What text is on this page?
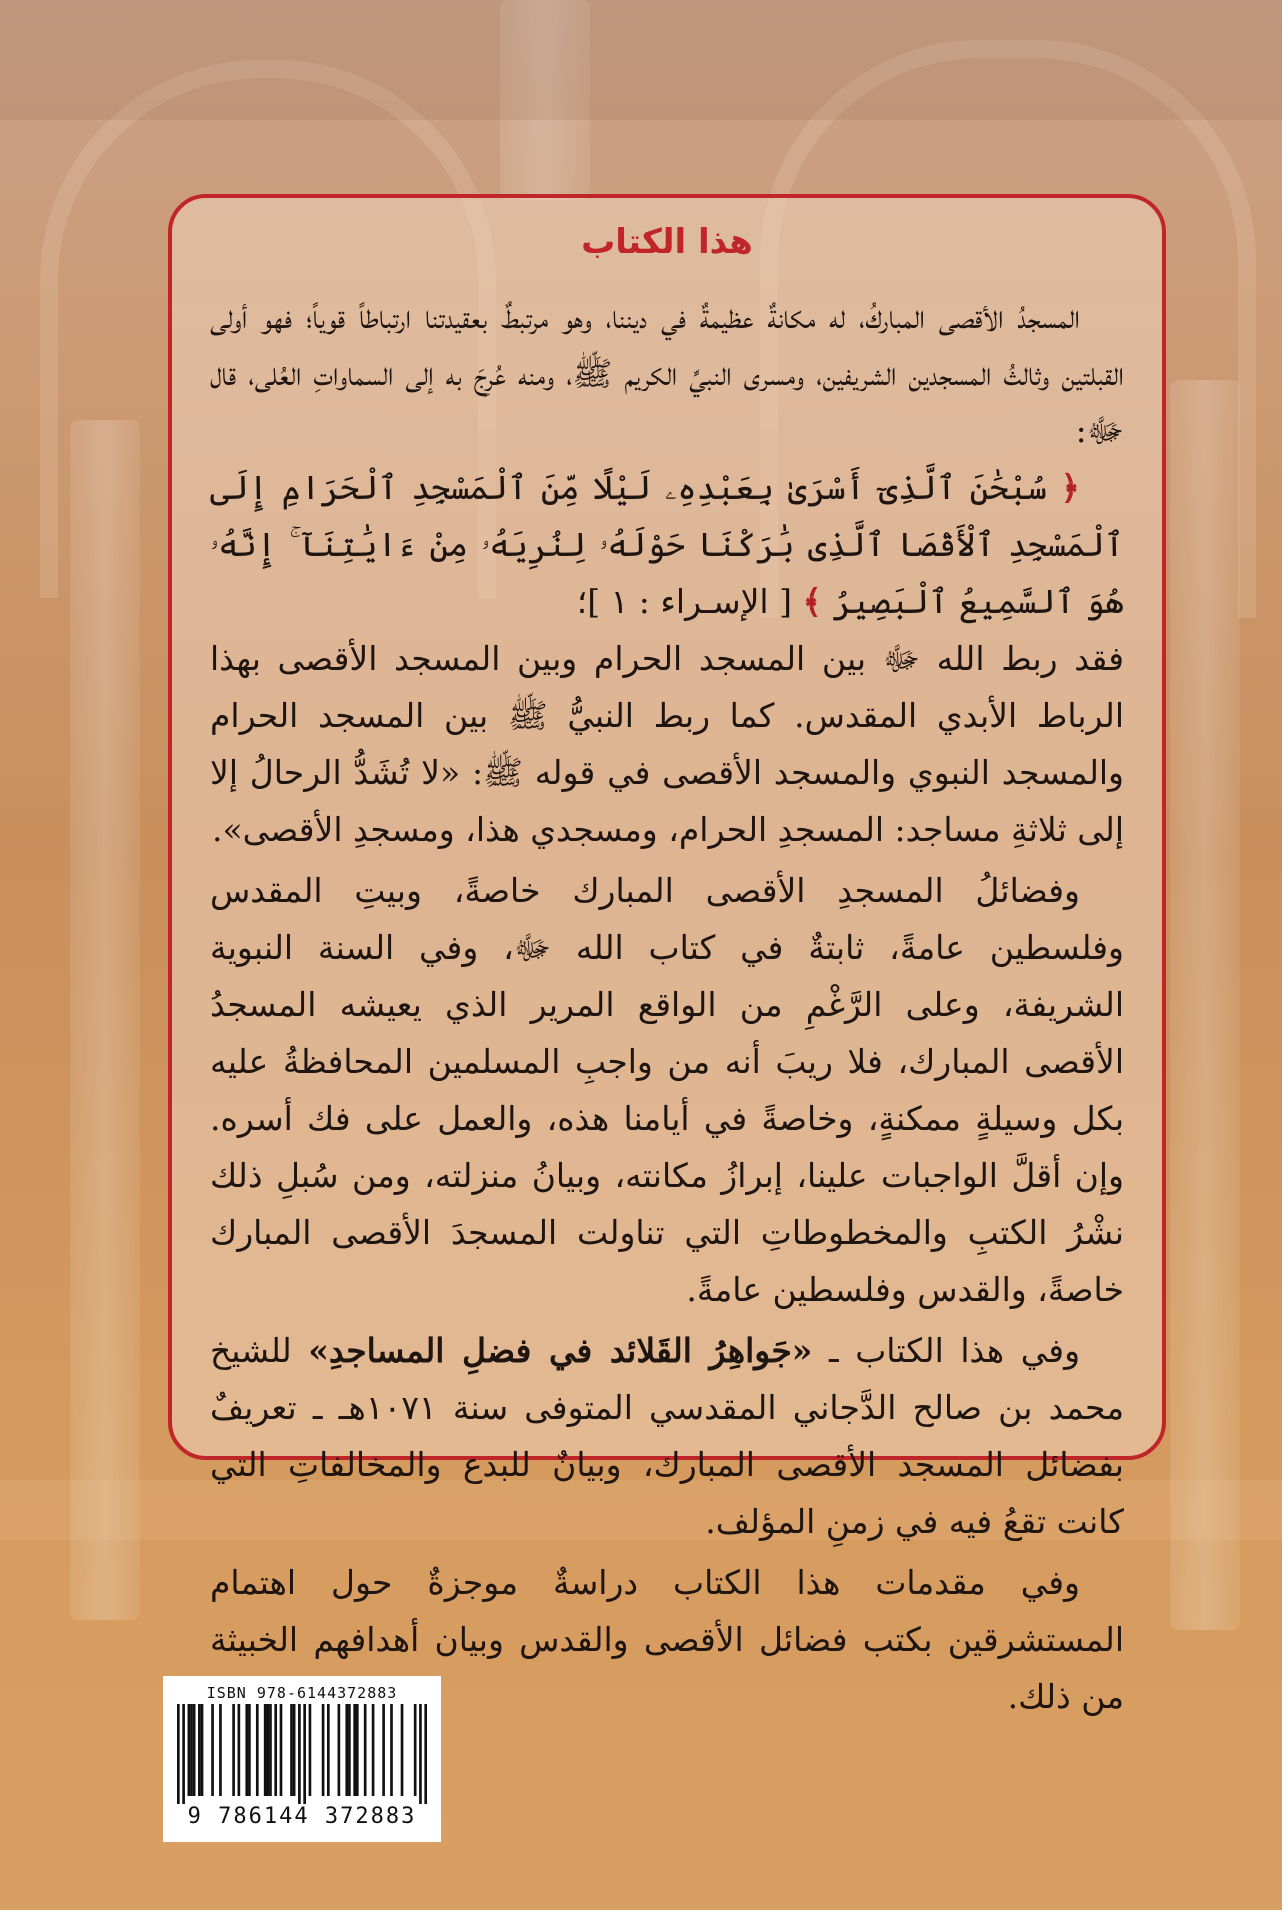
هذا الكتاب

المسجدُ الأقصى المباركُ، له مكانةٌ عظيمةٌ في ديننا، وهو مرتبطٌ بعقيدتنا ارتباطاً قوياً؛ فهو أولى القبلتين وثالثُ المسجدين الشريفين، ومسرى النبيِّ الكريم ﷺ، ومنه عُرِجَ به إلى السماواتِ العُلى، قال ﷻ:
﴿ سُبْحَٰنَ ٱلَّذِىٓ أَسْرَىٰ بِعَبْدِهِۦ لَيْلًا مِّنَ ٱلْمَسْجِدِ ٱلْحَرَامِ إِلَى ٱلْمَسْجِدِ ٱلْأَقْصَا ٱلَّذِى بَٰرَكْنَا حَوْلَهُۥ لِنُرِيَهُۥ مِنْ ءَايَٰتِنَآ ۚ إِنَّهُۥ هُوَ ٱلسَّمِيعُ ٱلْبَصِيرُ ﴾ [ الإسـراء : ١ ]؛
فقد ربط الله ﷻ بين المسجد الحرام وبين المسجد الأقصى بهذا الرباط الأبدي المقدس. كما ربط النبيُّ ﷺ بين المسجد الحرام والمسجد النبوي والمسجد الأقصى في قوله ﷺ: «لا تُشَدُّ الرحالُ إلا إلى ثلاثةِ مساجد: المسجدِ الحرام، ومسجدي هذا، ومسجدِ الأقصى».

وفضائلُ المسجدِ الأقصى المبارك خاصةً، وبيتِ المقدس وفلسطين عامةً، ثابتةٌ في كتاب الله ﷻ، وفي السنة النبوية الشريفة، وعلى الرَّغْمِ من الواقع المرير الذي يعيشه المسجدُ الأقصى المبارك، فلا ريبَ أنه من واجبِ المسلمين المحافظةُ عليه بكل وسيلةٍ ممكنةٍ، وخاصةً في أيامنا هذه، والعمل على فك أسره. وإن أقلَّ الواجبات علينا، إبرازُ مكانته، وبيانُ منزلته، ومن سُبلِ ذلك نشْرُ الكتبِ والمخطوطاتِ التي تناولت المسجدَ الأقصى المبارك خاصةً، والقدس وفلسطين عامةً.

وفي هذا الكتاب ـ «جَواهِرُ القَلائد في فضلِ المساجدِ» للشيخ محمد بن صالح الدَّجاني المقدسي المتوفى سنة ١٠٧١هـ ـ تعريفٌ بفضائل المسجد الأقصى المبارك، وبيانٌ للبدع والمخالفاتِ التي كانت تقعُ فيه في زمنِ المؤلف.

وفي مقدمات هذا الكتاب دراسةٌ موجزةٌ حول اهتمام المستشرقين بكتب فضائل الأقصى والقدس وبيان أهدافهم الخبيثة من ذلك.

ISBN 978-6144372883

9 786144 372883
